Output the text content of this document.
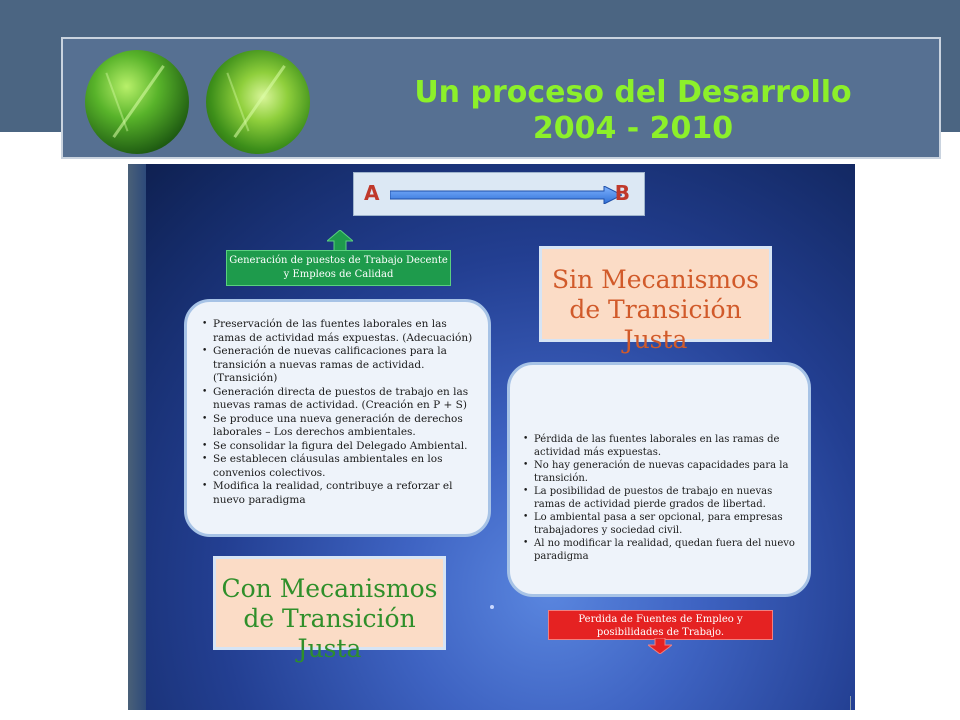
Un proceso del Desarrollo
2004 - 2010
A	B
Generación de puestos de Trabajo Decente y Empleos de Calidad
• Preservación de las fuentes laborales en las ramas de actividad más expuestas. (Adecuación)
• Generación de nuevas calificaciones para la transición a nuevas ramas de actividad. (Transición)
• Generación directa de puestos de trabajo en las nuevas ramas de actividad. (Creación en P + S)
• Se produce una nueva generación de derechos laborales – Los derechos ambientales.
• Se consolidar la figura del Delegado Ambiental.
• Se establecen cláusulas ambientales en los convenios colectivos.
• Modifica la realidad, contribuye a reforzar el nuevo paradigma
Sin Mecanismos de Transición Justa
• Pérdida de las fuentes laborales en las ramas de actividad más expuestas.
• No hay generación de nuevas capacidades para la transición.
• La posibilidad de puestos de trabajo en nuevas ramas de actividad pierde grados de libertad.
• Lo ambiental pasa a ser opcional, para empresas trabajadores y sociedad civil.
• Al no modificar la realidad, quedan fuera del nuevo paradigma
Con Mecanismos de Transición Justa
Perdida de Fuentes de Empleo y posibilidades de Trabajo.
